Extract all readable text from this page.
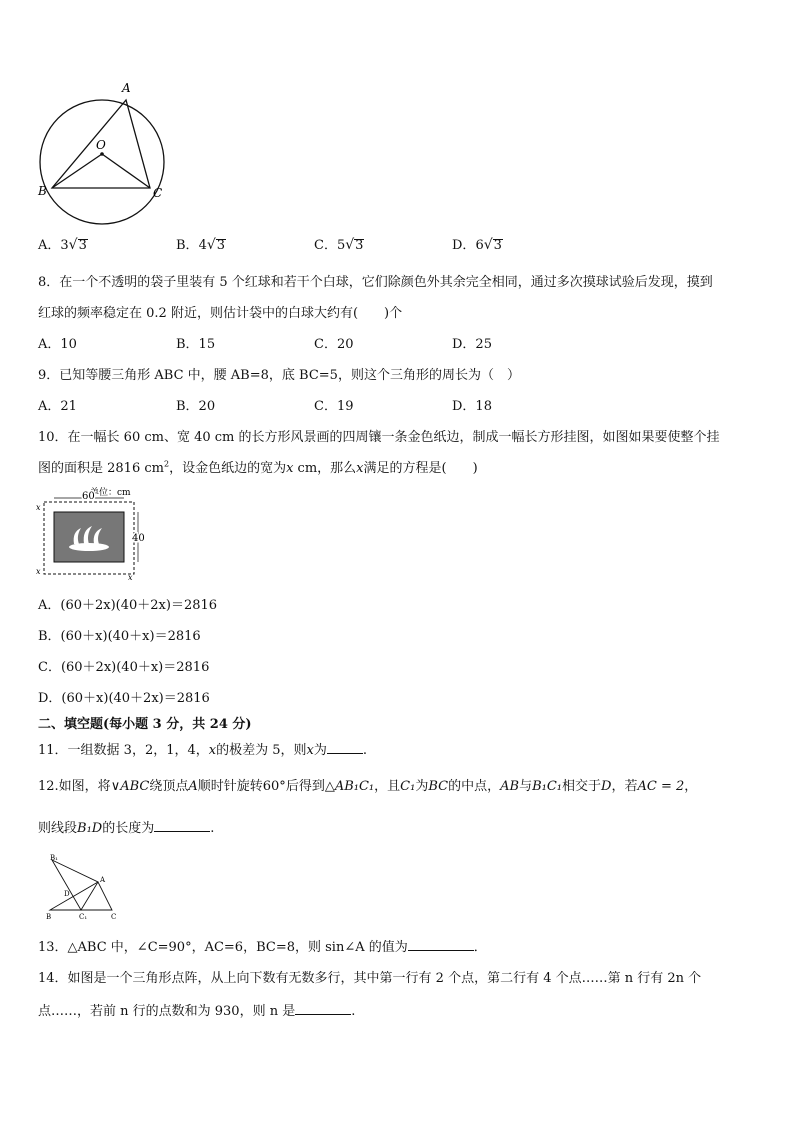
A
O
B	C
A．3√3	B．4√3	C．5√3	D．6√3
8．在一个不透明的袋子里装有 5 个红球和若干个白球，它们除颜色外其余完全相同，通过多次摸球试验后发现，摸到
红球的频率稳定在 0.2 附近，则估计袋中的白球大约有(　　)个
A．10	B．15	C．20	D．25
9．已知等腰三角形 ABC 中，腰 AB=8，底 BC=5，则这个三角形的周长为（　）
A．21	B．20	C．19	D．18
10．在一幅长 60 cm、宽 40 cm 的长方形风景画的四周镶一条金色纸边，制成一幅长方形挂图，如图如果要使整个挂
图的面积是 2816 $cm^2$，设金色纸边的宽为x cm，那么x满足的方程是(　　)
单位：cm
60
40
x
x
x
A．(60＋2x)(40＋2x)＝2816
B．(60＋x)(40＋x)＝2816
C．(60＋2x)(40＋x)＝2816
D．(60＋x)(40＋2x)＝2816
二、填空题(每小题 3 分，共 24 分)
11．一组数据 3，2，1，4，x的极差为 5，则x为	.
12.如图，将∨ABC绕顶点A顺时针旋转60°后得到△AB₁C₁，且C₁为BC的中点，AB与B₁C₁相交于D，若AC = 2，
则线段B₁D的长度为	.
B₁
A
D
B	C₁	C
13．△ABC 中，∠C=90°，AC=6，BC=8，则 sin∠A 的值为	．
14．如图是一个三角形点阵，从上向下数有无数多行，其中第一行有 2 个点，第二行有 4 个点……第 n 行有 2n 个
点……，若前 n 行的点数和为 930，则 n 是	.
